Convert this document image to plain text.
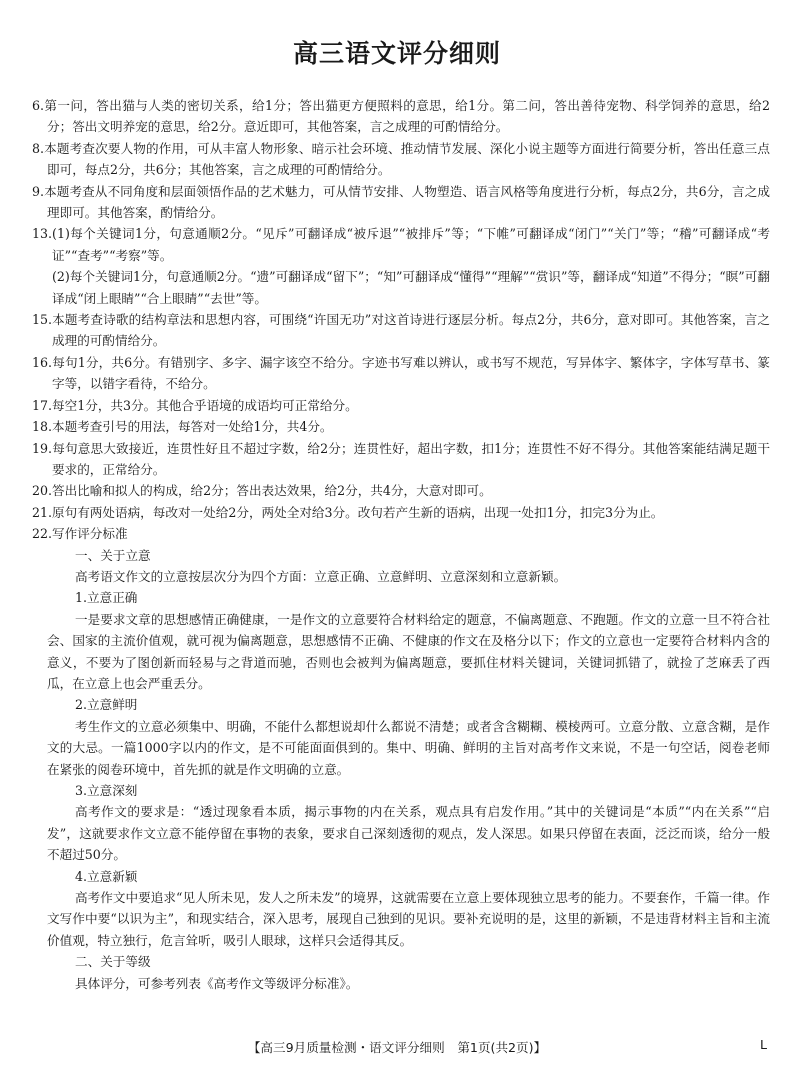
高三语文评分细则
6.第一问，答出猫与人类的密切关系，给1分；答出猫更方便照料的意思，给1分。第二问，答出善待宠物、科学饲养的意思，给2分；答出文明养宠的意思，给2分。意近即可，其他答案，言之成理的可酌情给分。
8.本题考查次要人物的作用，可从丰富人物形象、暗示社会环境、推动情节发展、深化小说主题等方面进行简要分析，答出任意三点即可，每点2分，共6分；其他答案，言之成理的可酌情给分。
9.本题考查从不同角度和层面领悟作品的艺术魅力，可从情节安排、人物塑造、语言风格等角度进行分析，每点2分，共6分，言之成理即可。其他答案，酌情给分。
13.(1)每个关键词1分，句意通顺2分。“见斥”可翻译成“被斥退”“被排斥”等；“下帷”可翻译成“闭门”“关门”等；“稽”可翻译成“考证”“查考”“考察”等。
(2)每个关键词1分，句意通顺2分。“遗”可翻译成“留下”；“知”可翻译成“懂得”“理解”“赏识”等，翻译成“知道”不得分；“瞑”可翻译成“闭上眼睛”“合上眼睛”“去世”等。
15.本题考查诗歌的结构章法和思想内容，可围绕“许国无功”对这首诗进行逐层分析。每点2分，共6分，意对即可。其他答案，言之成理的可酌情给分。
16.每句1分，共6分。有错别字、多字、漏字该空不给分。字迹书写难以辨认，或书写不规范，写异体字、繁体字，字体写草书、篆字等，以错字看待，不给分。
17.每空1分，共3分。其他合乎语境的成语均可正常给分。
18.本题考查引号的用法，每答对一处给1分，共4分。
19.每句意思大致接近，连贯性好且不超过字数，给2分；连贯性好，超出字数，扣1分；连贯性不好不得分。其他答案能结满足题干要求的，正常给分。
20.答出比喻和拟人的构成，给2分；答出表达效果，给2分，共4分，大意对即可。
21.原句有两处语病，每改对一处给2分，两处全对给3分。改句若产生新的语病，出现一处扣1分，扣完3分为止。
22.写作评分标准
一、关于立意
高考语文作文的立意按层次分为四个方面：立意正确、立意鲜明、立意深刻和立意新颖。
1.立意正确
一是要求文章的思想感情正确健康，一是作文的立意要符合材料给定的题意，不偏离题意、不跑题。作文的立意一旦不符合社会、国家的主流价值观，就可视为偏离题意，思想感情不正确、不健康的作文在及格分以下；作文的立意也一定要符合材料内含的意义，不要为了图创新而轻易与之背道而驰，否则也会被判为偏离题意，要抓住材料关键词，关键词抓错了，就捡了芝麻丢了西瓜，在立意上也会严重丢分。
2.立意鲜明
考生作文的立意必须集中、明确，不能什么都想说却什么都说不清楚；或者含含糊糊、模棱两可。立意分散、立意含糊，是作文的大忌。一篇1000字以内的作文，是不可能面面俱到的。集中、明确、鲜明的主旨对高考作文来说，不是一句空话，阅卷老师在紧张的阅卷环境中，首先抓的就是作文明确的立意。
3.立意深刻
高考作文的要求是：“透过现象看本质，揭示事物的内在关系，观点具有启发作用。”其中的关键词是“本质”“内在关系”“启发”，这就要求作文立意不能停留在事物的表象，要求自己深刻透彻的观点，发人深思。如果只停留在表面，泛泛而谈，给分一般不超过50分。
4.立意新颖
高考作文中要追求“见人所未见，发人之所未发”的境界，这就需要在立意上要体现独立思考的能力。不要套作，千篇一律。作文写作中要“以识为主”，和现实结合，深入思考，展现自己独到的见识。要补充说明的是，这里的新颖，不是违背材料主旨和主流价值观，特立独行，危言耸听，吸引人眼球，这样只会适得其反。
二、关于等级
具体评分，可参考列表《高考作文等级评分标准》。
【高三9月质量检测・语文评分细则　第1页(共2页)】	L
